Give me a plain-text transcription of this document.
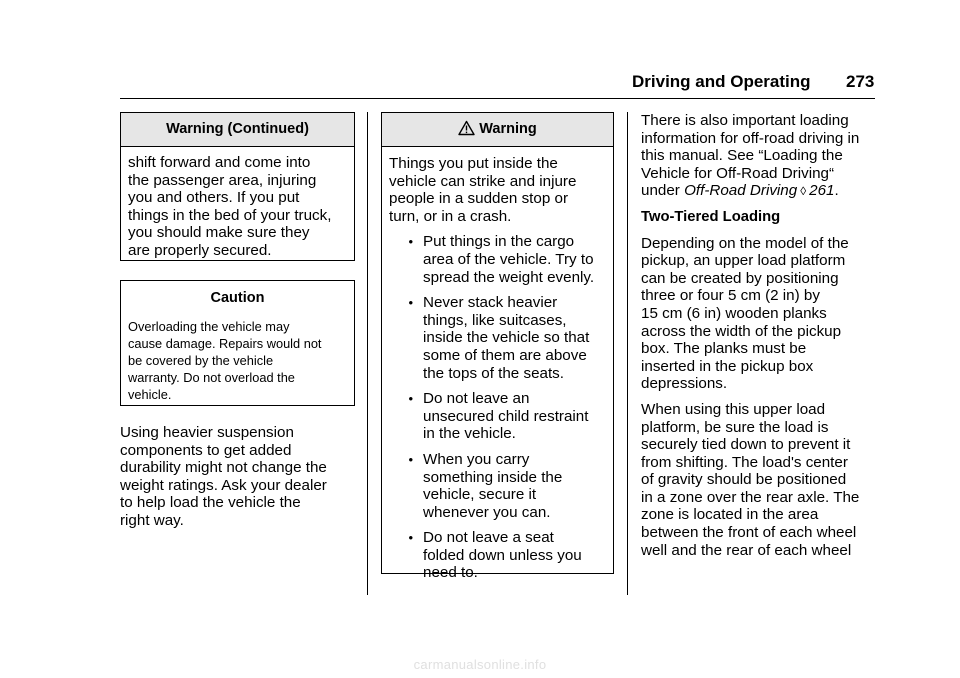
Driving and Operating 273
Warning (Continued)
shift forward and come into
the passenger area, injuring
you and others. If you put
things in the bed of your truck,
you should make sure they
are properly secured.
Caution
Overloading the vehicle may
cause damage. Repairs would not
be covered by the vehicle
warranty. Do not overload the
vehicle.
Using heavier suspension
components to get added
durability might not change the
weight ratings. Ask your dealer
to help load the vehicle the
right way.
Warning
Things you put inside the
vehicle can strike and injure
people in a sudden stop or
turn, or in a crash.
• Put things in the cargo
area of the vehicle. Try to
spread the weight evenly.
• Never stack heavier
things, like suitcases,
inside the vehicle so that
some of them are above
the tops of the seats.
• Do not leave an
unsecured child restraint
in the vehicle.
• When you carry
something inside the
vehicle, secure it
whenever you can.
• Do not leave a seat
folded down unless you
need to.
There is also important loading
information for off-road driving in
this manual. See “Loading the
Vehicle for Off-Road Driving“
under Off-Road Driving ◊ 261.
Two-Tiered Loading
Depending on the model of the
pickup, an upper load platform
can be created by positioning
three or four 5 cm (2 in) by
15 cm (6 in) wooden planks
across the width of the pickup
box. The planks must be
inserted in the pickup box
depressions.
When using this upper load
platform, be sure the load is
securely tied down to prevent it
from shifting. The load's center
of gravity should be positioned
in a zone over the rear axle. The
zone is located in the area
between the front of each wheel
well and the rear of each wheel
carmanualsonline.info
